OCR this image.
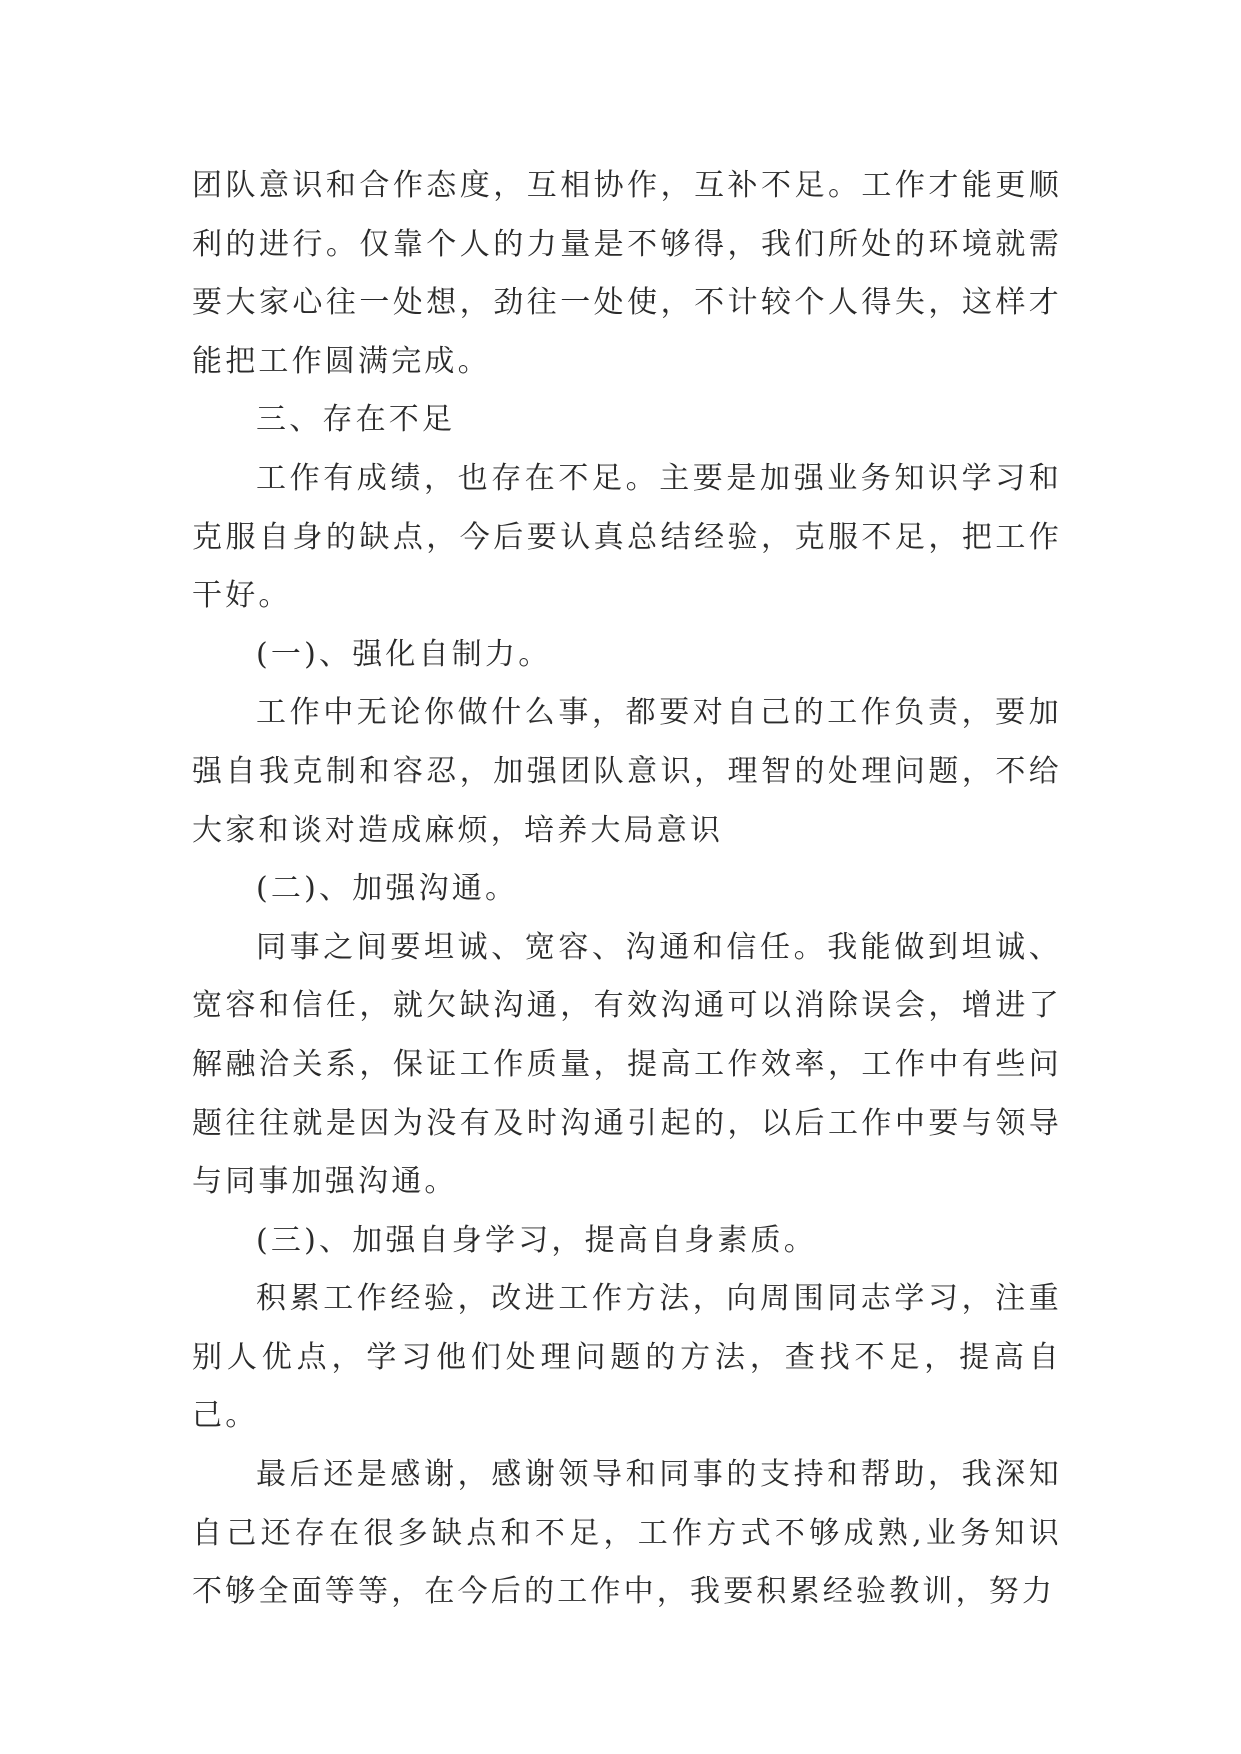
团队意识和合作态度，互相协作，互补不足。工作才能更顺利的进行。仅靠个人的力量是不够得，我们所处的环境就需要大家心往一处想，劲往一处使，不计较个人得失，这样才能把工作圆满完成。

三、存在不足

工作有成绩，也存在不足。主要是加强业务知识学习和克服自身的缺点，今后要认真总结经验，克服不足，把工作干好。

(一)、强化自制力。

工作中无论你做什么事，都要对自己的工作负责，要加强自我克制和容忍，加强团队意识，理智的处理问题，不给大家和谈对造成麻烦，培养大局意识

(二)、加强沟通。

同事之间要坦诚、宽容、沟通和信任。我能做到坦诚、宽容和信任，就欠缺沟通，有效沟通可以消除误会，增进了解融洽关系，保证工作质量，提高工作效率，工作中有些问题往往就是因为没有及时沟通引起的，以后工作中要与领导与同事加强沟通。

(三)、加强自身学习，提高自身素质。

积累工作经验，改进工作方法，向周围同志学习，注重别人优点，学习他们处理问题的方法，查找不足，提高自己。

最后还是感谢，感谢领导和同事的支持和帮助，我深知自己还存在很多缺点和不足，工作方式不够成熟,业务知识不够全面等等，在今后的工作中，我要积累经验教训，努力
